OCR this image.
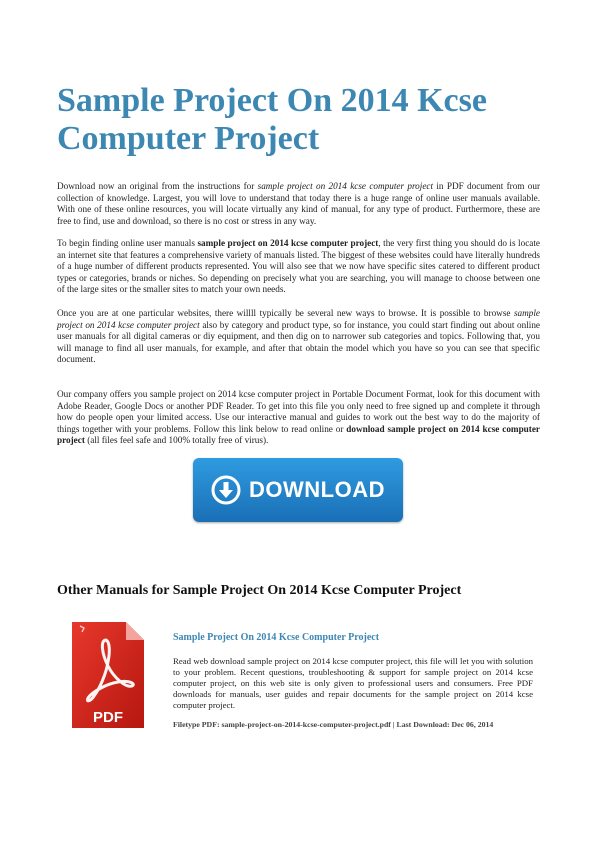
Sample Project On 2014 Kcse Computer Project

Download now an original from the instructions for sample project on 2014 kcse computer project in PDF document from our collection of knowledge. Largest, you will love to understand that today there is a huge range of online user manuals available. With one of these online resources, you will locate virtually any kind of manual, for any type of product. Furthermore, these are free to find, use and download, so there is no cost or stress in any way.

To begin finding online user manuals sample project on 2014 kcse computer project, the very first thing you should do is locate an internet site that features a comprehensive variety of manuals listed. The biggest of these websites could have literally hundreds of a huge number of different products represented. You will also see that we now have specific sites catered to different product types or categories, brands or niches. So depending on precisely what you are searching, you will manage to choose between one of the large sites or the smaller sites to match your own needs.

Once you are at one particular websites, there willll typically be several new ways to browse. It is possible to browse sample project on 2014 kcse computer project also by category and product type, so for instance, you could start finding out about online user manuals for all digital cameras or diy equipment, and then dig on to narrower sub categories and topics. Following that, you will manage to find all user manuals, for example, and after that obtain the model which you have so you can see that specific document.

Our company offers you sample project on 2014 kcse computer project in Portable Document Format, look for this document with Adobe Reader, Google Docs or another PDF Reader. To get into this file you only need to free signed up and complete it through how do people open your limited access. Use our interactive manual and guides to work out the best way to do the majority of things together with your problems. Follow this link below to read online or download sample project on 2014 kcse computer project (all files feel safe and 100% totally free of virus).

DOWNLOAD
Other Manuals for Sample Project On 2014 Kcse Computer Project
PDF
Sample Project On 2014 Kcse Computer Project

Read web download sample project on 2014 kcse computer project, this file will let you with solution to your problem. Recent questions, troubleshooting & support for sample project on 2014 kcse computer project, on this web site is only given to professional users and consumers. Free PDF downloads for manuals, user guides and repair documents for the sample project on 2014 kcse computer project.

Filetype PDF: sample-project-on-2014-kcse-computer-project.pdf | Last Download: Dec 06, 2014
